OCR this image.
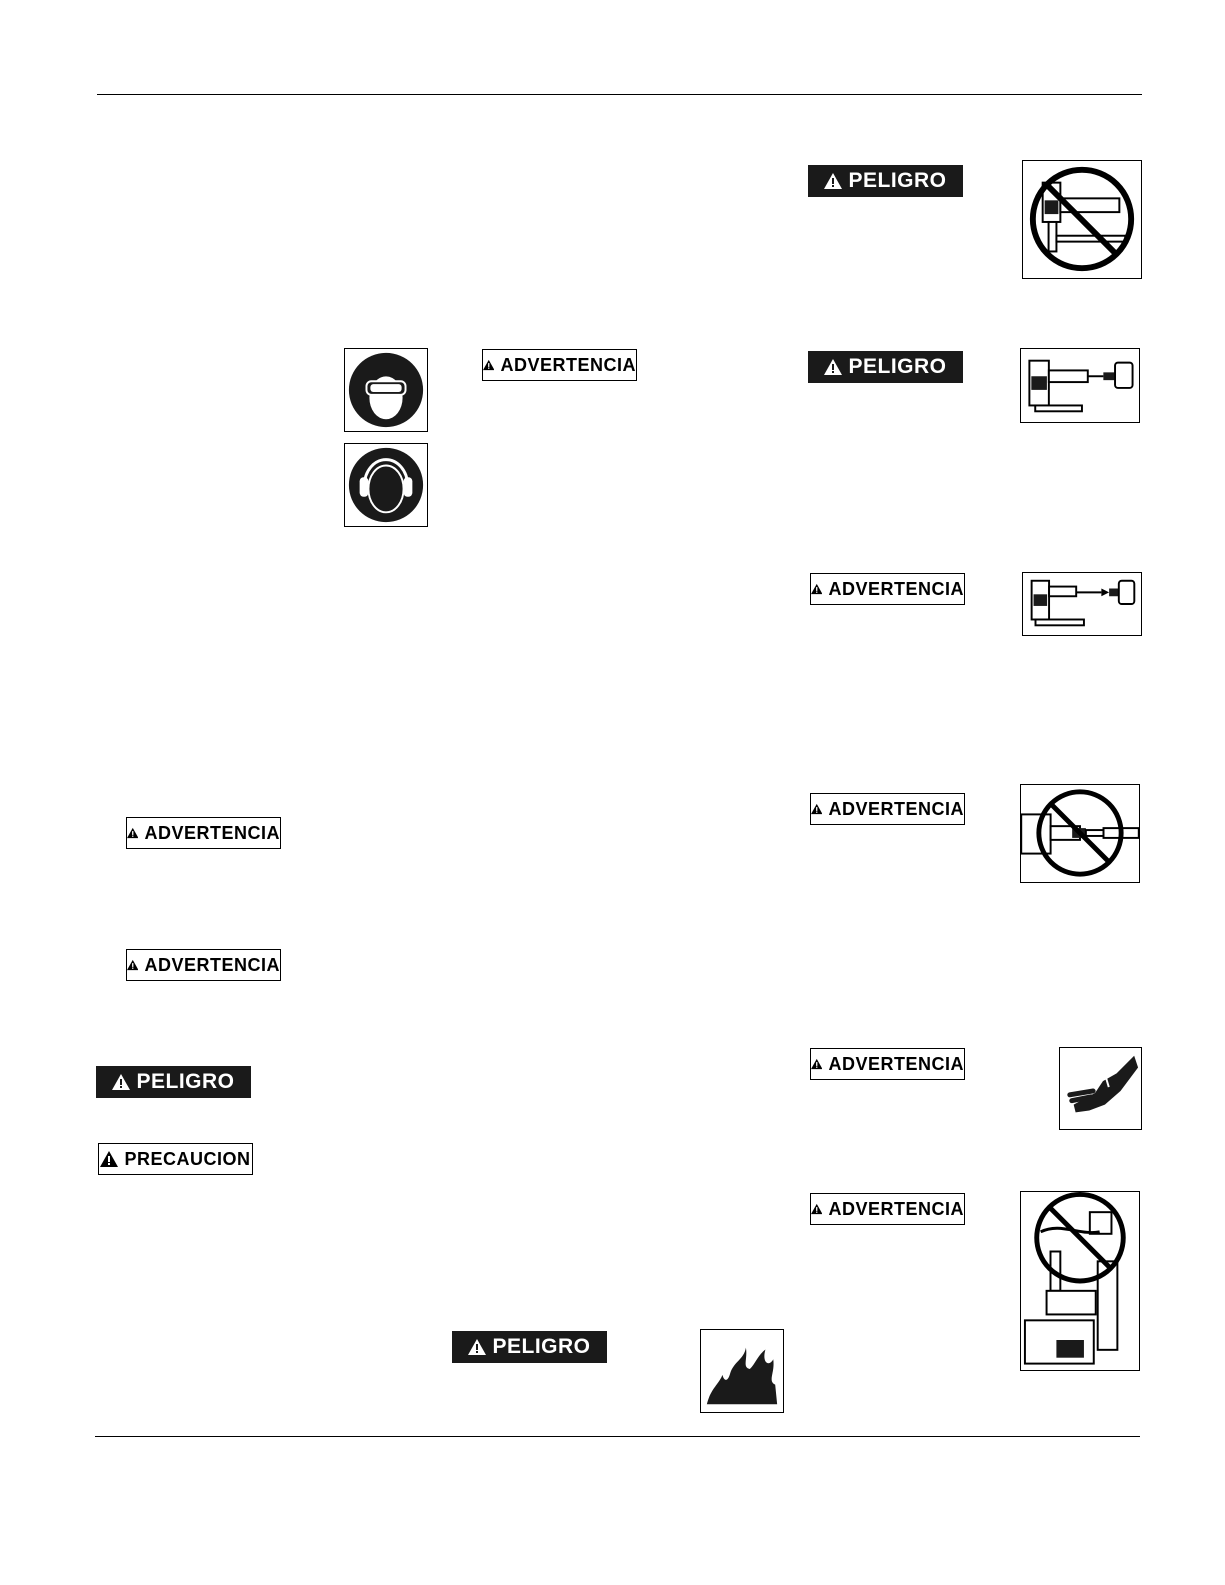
ADVERTENCIA
ADVERTENCIA
PELIGRO
PRECAUCION
ADVERTENCIA
PELIGRO
PELIGRO
PELIGRO
ADVERTENCIA
ADVERTENCIA
ADVERTENCIA
ADVERTENCIA
